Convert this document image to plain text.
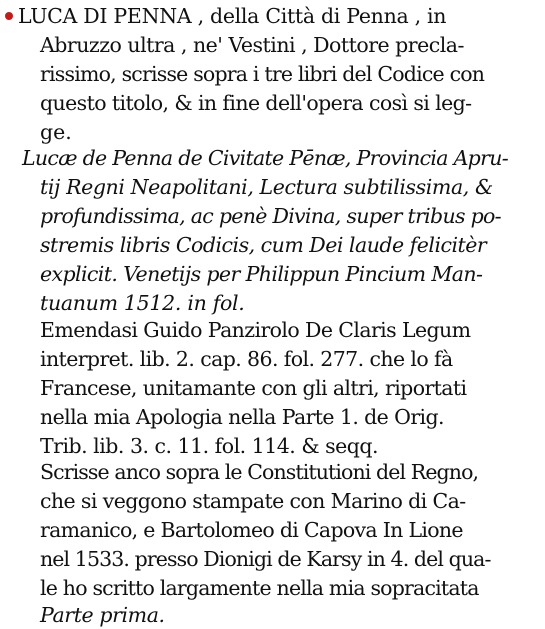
LUCA DI PENNA , della Città di Penna , in
Abruzzo ultra , ne' Vestini , Dottore precla-
rissimo, scrisse sopra i tre libri del Codice con
questo titolo, & in fine dell'opera così si leg-
ge.
Lucæ de Penna de Civitate Pēnæ, Provincia Apru-
tij Regni Neapolitani, Lectura subtilissima, &
profundissima, ac penè Divina, super tribus po-
stremis libris Codicis, cum Dei laude felicitèr
explicit. Venetijs per Philippun Pincium Man-
tuanum 1512. in fol.
Emendasi Guido Panzirolo De Claris Legum
interpret. lib. 2. cap. 86. fol. 277. che lo fà
Francese, unitamante con gli altri, riportati
nella mia Apologia nella Parte 1. de Orig.
Trib. lib. 3. c. 11. fol. 114. & seqq.
Scrisse anco sopra le Constitutioni del Regno,
che si veggono stampate con Marino di Ca-
ramanico, e Bartolomeo di Capova In Lione
nel 1533. presso Dionigi de Karsy in 4. del qua-
le ho scritto largamente nella mia sopracitata
Parte prima.
